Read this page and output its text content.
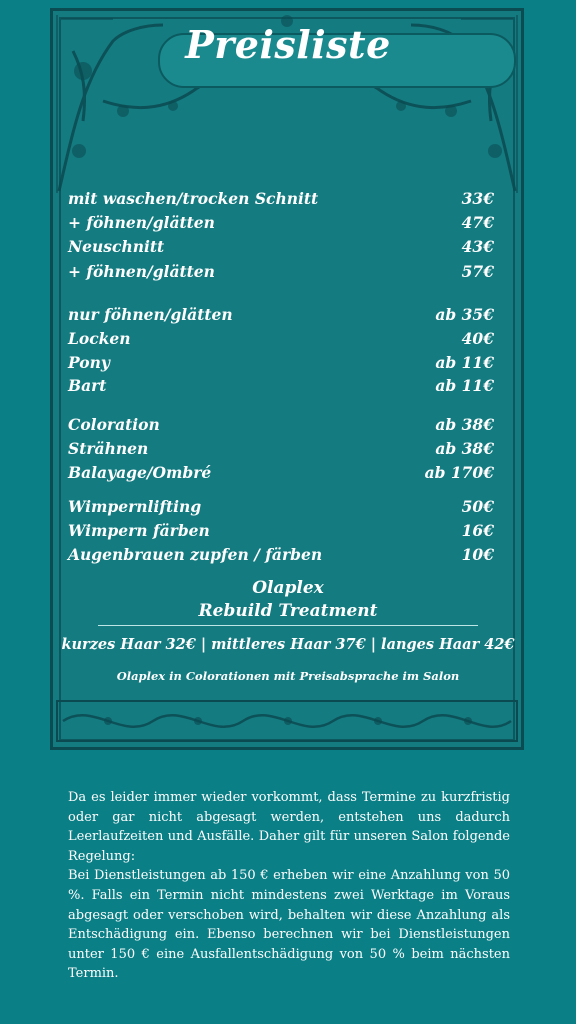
Preisliste
mit waschen/trocken Schnitt	33€
+ föhnen/glätten	47€
Neuschnitt	43€
+ föhnen/glätten	57€
nur föhnen/glätten	ab 35€
Locken	40€
Pony	ab 11€
Bart	ab 11€
Coloration	ab 38€
Strähnen	ab 38€
Balayage/Ombré	ab 170€
Wimpernlifting	50€
Wimpern färben	16€
Augenbrauen zupfen / färben	10€
Olaplex
Rebuild Treatment
kurzes Haar 32€ | mittleres Haar 37€ | langes Haar 42€
Olaplex in Colorationen mit Preisabsprache im Salon

Da es leider immer wieder vorkommt, dass Termine zu kurzfristig oder gar nicht abgesagt werden, entstehen uns dadurch Leerlaufzeiten und Ausfälle. Daher gilt für unseren Salon folgende Regelung:

Bei Dienstleistungen ab 150 € erheben wir eine Anzahlung von 50 %. Falls ein Termin nicht mindestens zwei Werktage im Voraus abgesagt oder verschoben wird, behalten wir diese Anzahlung als Entschädigung ein. Ebenso berechnen wir bei Dienstleistungen unter 150 € eine Ausfallentschädigung von 50 % beim nächsten Termin.
